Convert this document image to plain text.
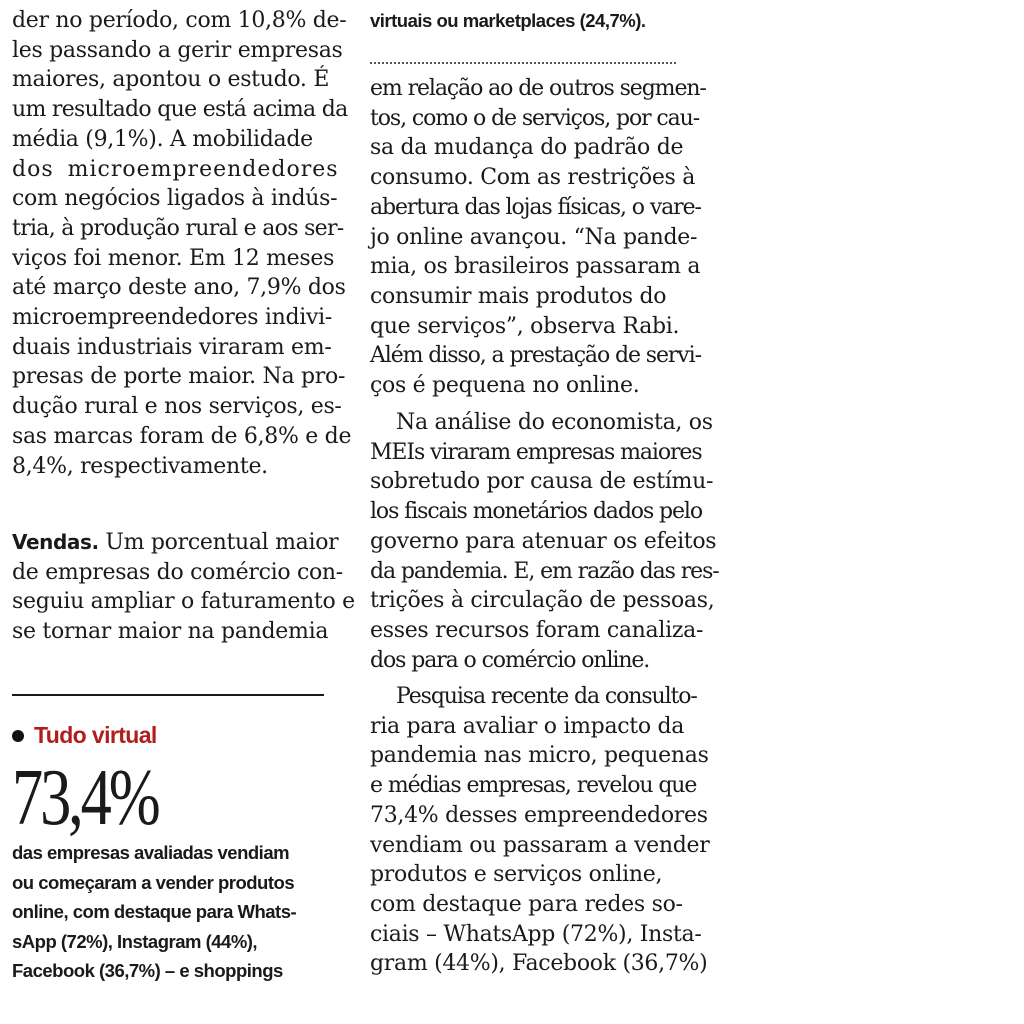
der no período, com 10,8% de-
les passando a gerir empresas
maiores, apontou o estudo. É
um resultado que está acima da
média (9,1%). A mobilidade
dos microempreendedores
com negócios ligados à indús-
tria, à produção rural e aos ser-
viços foi menor. Em 12 meses
até março deste ano, 7,9% dos
microempreendedores indivi-
duais industriais viraram em-
presas de porte maior. Na pro-
dução rural e nos serviços, es-
sas marcas foram de 6,8% e de
8,4%, respectivamente.
Vendas. Um porcentual maior
de empresas do comércio con-
seguiu ampliar o faturamento e
se tornar maior na pandemia
Tudo virtual
73,4%
das empresas avaliadas vendiam
ou começaram a vender produtos
online, com destaque para Whats-
sApp (72%), Instagram (44%),
Facebook (36,7%) – e shoppings
virtuais ou marketplaces (24,7%).
em relação ao de outros segmen-
tos, como o de serviços, por cau-
sa da mudança do padrão de
consumo. Com as restrições à
abertura das lojas físicas, o vare-
jo online avançou. “Na pande-
mia, os brasileiros passaram a
consumir mais produtos do
que serviços”, observa Rabi.
Além disso, a prestação de servi-
ços é pequena no online.
Na análise do economista, os
MEIs viraram empresas maiores
sobretudo por causa de estímu-
los fiscais monetários dados pelo
governo para atenuar os efeitos
da pandemia. E, em razão das res-
trições à circulação de pessoas,
esses recursos foram canaliza-
dos para o comércio online.
Pesquisa recente da consulto-
ria para avaliar o impacto da
pandemia nas micro, pequenas
e médias empresas, revelou que
73,4% desses empreendedores
vendiam ou passaram a vender
produtos e serviços online,
com destaque para redes so-
ciais – WhatsApp (72%), Insta-
gram (44%), Facebook (36,7%)
